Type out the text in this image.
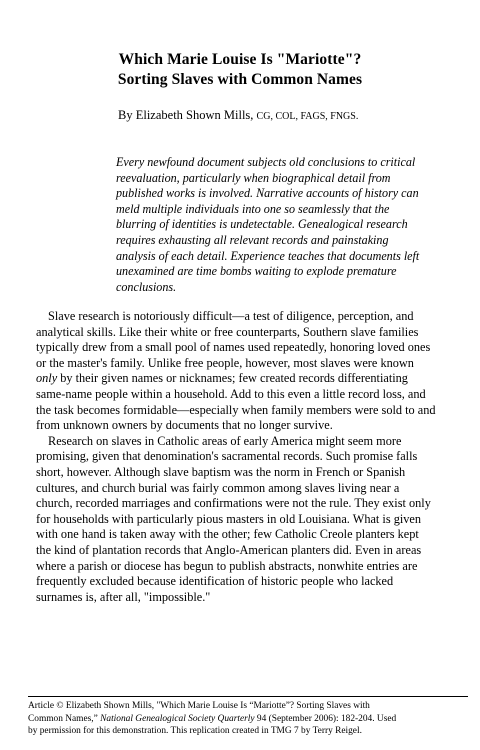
Which Marie Louise Is "Mariotte"?
Sorting Slaves with Common Names
By Elizabeth Shown Mills, CG, COL, FAGS, FNGS.
Every newfound document subjects old conclusions to critical
reevaluation, particularly when biographical detail from
published works is involved. Narrative accounts of history can
meld multiple individuals into one so seamlessly that the
blurring of identities is undetectable. Genealogical research
requires exhausting all relevant records and painstaking
analysis of each detail. Experience teaches that documents left
unexamined are time bombs waiting to explode premature
conclusions.
Slave research is notoriously difficult—a test of diligence, perception, and
analytical skills. Like their white or free counterparts, Southern slave families
typically drew from a small pool of names used repeatedly, honoring loved ones
or the master's family. Unlike free people, however, most slaves were known
only by their given names or nicknames; few created records differentiating
same-name people within a household. Add to this even a little record loss, and
the task becomes formidable—especially when family members were sold to and
from unknown owners by documents that no longer survive.
Research on slaves in Catholic areas of early America might seem more
promising, given that denomination's sacramental records. Such promise falls
short, however. Although slave baptism was the norm in French or Spanish
cultures, and church burial was fairly common among slaves living near a
church, recorded marriages and confirmations were not the rule. They exist only
for households with particularly pious masters in old Louisiana. What is given
with one hand is taken away with the other; few Catholic Creole planters kept
the kind of plantation records that Anglo-American planters did. Even in areas
where a parish or diocese has begun to publish abstracts, nonwhite entries are
frequently excluded because identification of historic people who lacked
surnames is, after all, "impossible."
Article © Elizabeth Shown Mills, "Which Marie Louise Is “Mariotte”? Sorting Slaves with
Common Names,” National Genealogical Society Quarterly 94 (September 2006): 182-204. Used
by permission for this demonstration. This replication created in TMG 7 by Terry Reigel.
